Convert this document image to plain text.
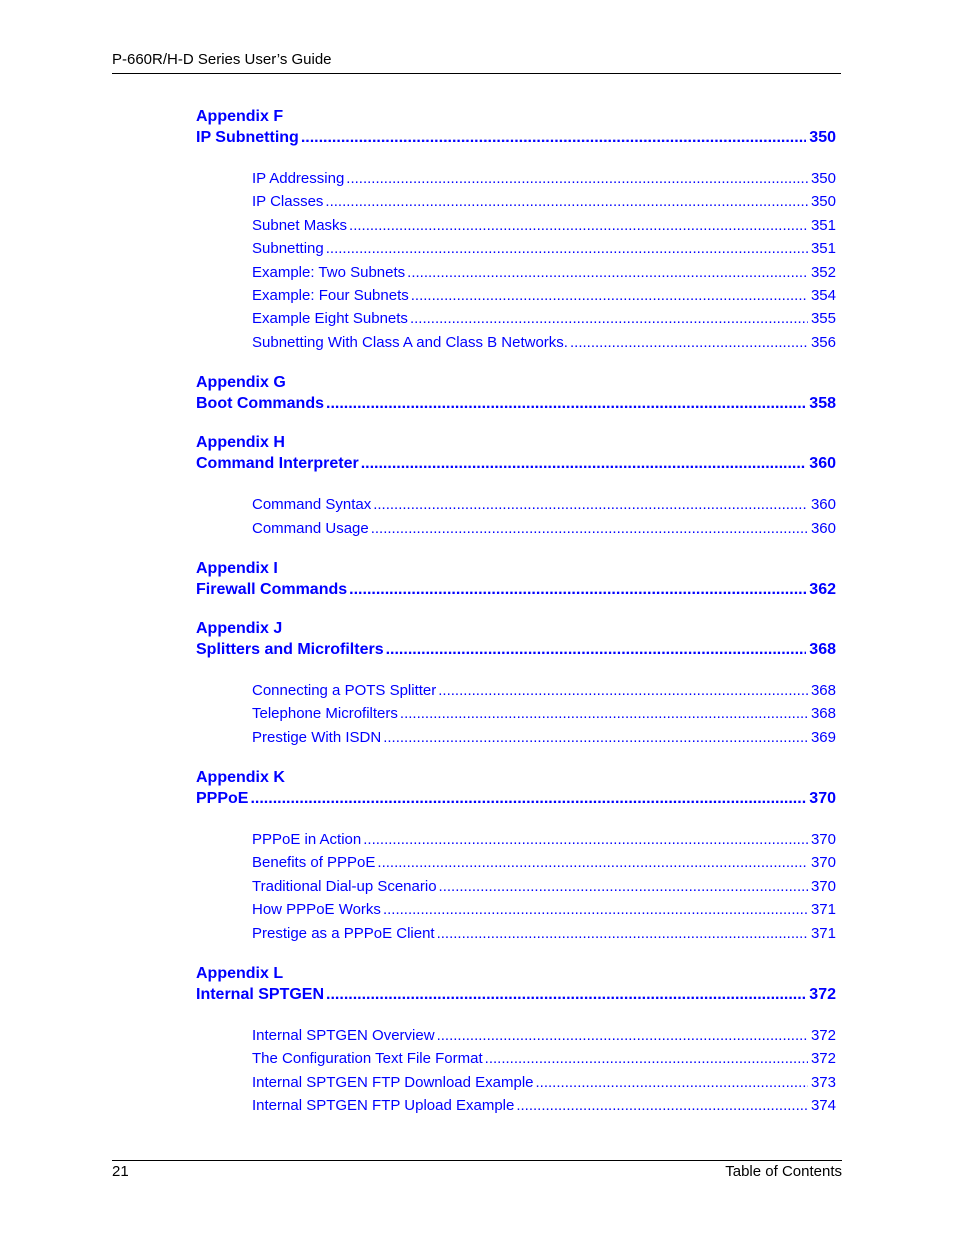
P-660R/H-D Series User’s Guide
Appendix F
IP Subnetting .....	350
IP Addressing .....	350
IP Classes .....	350
Subnet Masks .....	351
Subnetting .....	351
Example: Two Subnets .....	352
Example: Four Subnets .....	354
Example Eight Subnets .....	355
Subnetting With Class A and Class B Networks. .....	356
Appendix G
Boot Commands .....	358
Appendix H
Command Interpreter .....	360
Command Syntax .....	360
Command Usage .....	360
Appendix I
Firewall Commands .....	362
Appendix J
Splitters and Microfilters .....	368
Connecting a POTS Splitter .....	368
Telephone Microfilters .....	368
Prestige With ISDN .....	369
Appendix K
PPPoE .....	370
PPPoE in Action .....	370
Benefits of PPPoE .....	370
Traditional Dial-up Scenario .....	370
How PPPoE Works .....	371
Prestige as a PPPoE Client .....	371
Appendix L
Internal SPTGEN .....	372
Internal SPTGEN Overview .....	372
The Configuration Text File Format .....	372
Internal SPTGEN FTP Download Example .....	373
Internal SPTGEN FTP Upload Example .....	374
21	Table of Contents
